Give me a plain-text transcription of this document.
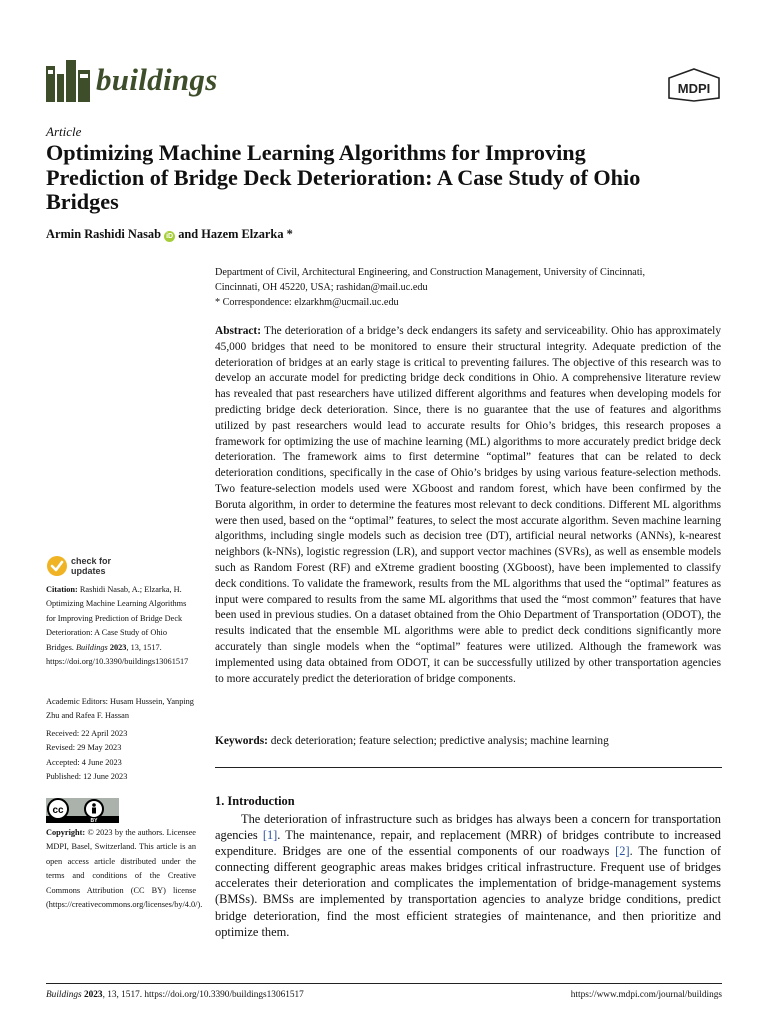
buildings	MDPI
Article
Optimizing Machine Learning Algorithms for Improving Prediction of Bridge Deck Deterioration: A Case Study of Ohio Bridges
Armin Rashidi Nasab iD and Hazem Elzarka *
Department of Civil, Architectural Engineering, and Construction Management, University of Cincinnati,
Cincinnati, OH 45220, USA; rashidan@mail.uc.edu
* Correspondence: elzarkhm@ucmail.uc.edu

Abstract: The deterioration of a bridge’s deck endangers its safety and serviceability. Ohio has approximately 45,000 bridges that need to be monitored to ensure their structural integrity. Adequate prediction of the deterioration of bridges at an early stage is critical to preventing failures. The objective of this research was to develop an accurate model for predicting bridge deck conditions in Ohio. A comprehensive literature review has revealed that past researchers have utilized different algorithms and features when developing models for predicting bridge deck deterioration. Since, there is no guarantee that the use of features and algorithms utilized by past researchers would lead to accurate results for Ohio’s bridges, this research proposes a framework for optimizing the use of machine learning (ML) algorithms to more accurately predict bridge deck deterioration. The framework aims to first determine “optimal” features that can be related to deck deterioration conditions, specifically in the case of Ohio’s bridges by using various feature-selection methods. Two feature-selection models used were XGboost and random forest, which have been confirmed by the Boruta algorithm, in order to determine the features most relevant to deck conditions. Different ML algorithms were then used, based on the “optimal” features, to select the most accurate algorithm. Seven machine learning algorithms, including single models such as decision tree (DT), artificial neural networks (ANNs), k-nearest neighbors (k-NNs), logistic regression (LR), and support vector machines (SVRs), as well as ensemble models such as Random Forest (RF) and eXtreme gradient boosting (XGboost), have been implemented to classify deck conditions. To validate the framework, results from the ML algorithms that used the “optimal” features as input were compared to results from the same ML algorithms that used the “most common” features that have been used in previous studies. On a dataset obtained from the Ohio Department of Transportation (ODOT), the results indicated that the ensemble ML algorithms were able to predict deck conditions significantly more accurately than single models when the “optimal” features were utilized. Although the framework was implemented using data obtained from ODOT, it can be successfully utilized by other transportation agencies to more accurately predict the deterioration of bridge components.

Keywords: deck deterioration; feature selection; predictive analysis; machine learning
1. Introduction

The deterioration of infrastructure such as bridges has always been a concern for transportation agencies [1]. The maintenance, repair, and replacement (MRR) of bridges contribute to increased expenditure. Bridges are one of the essential components of our roadways [2]. The function of connecting different geographic areas makes bridges critical infrastructure. Frequent use of bridges accelerates their deterioration and complicates the implementation of bridge-management systems (BMSs). BMSs are implemented by transportation agencies to analyze bridge conditions, predict bridge deterioration, find the most efficient strategies of maintenance, and then prioritize and optimize them.

check for
updates
Citation: Rashidi Nasab, A.; Elzarka, H. Optimizing Machine Learning Algorithms for Improving Prediction of Bridge Deck Deterioration: A Case Study of Ohio Bridges. Buildings 2023, 13, 1517. https://doi.org/10.3390/buildings13061517
Academic Editors: Husam Hussein, Yanping Zhu and Rafea F. Hassan
Received: 22 April 2023
Revised: 29 May 2023
Accepted: 4 June 2023
Published: 12 June 2023
cc
BY
Copyright: © 2023 by the authors. Licensee MDPI, Basel, Switzerland. This article is an open access article distributed under the terms and conditions of the Creative Commons Attribution (CC BY) license (https://creativecommons.org/licenses/by/4.0/).
Buildings 2023, 13, 1517. https://doi.org/10.3390/buildings13061517	https://www.mdpi.com/journal/buildings
